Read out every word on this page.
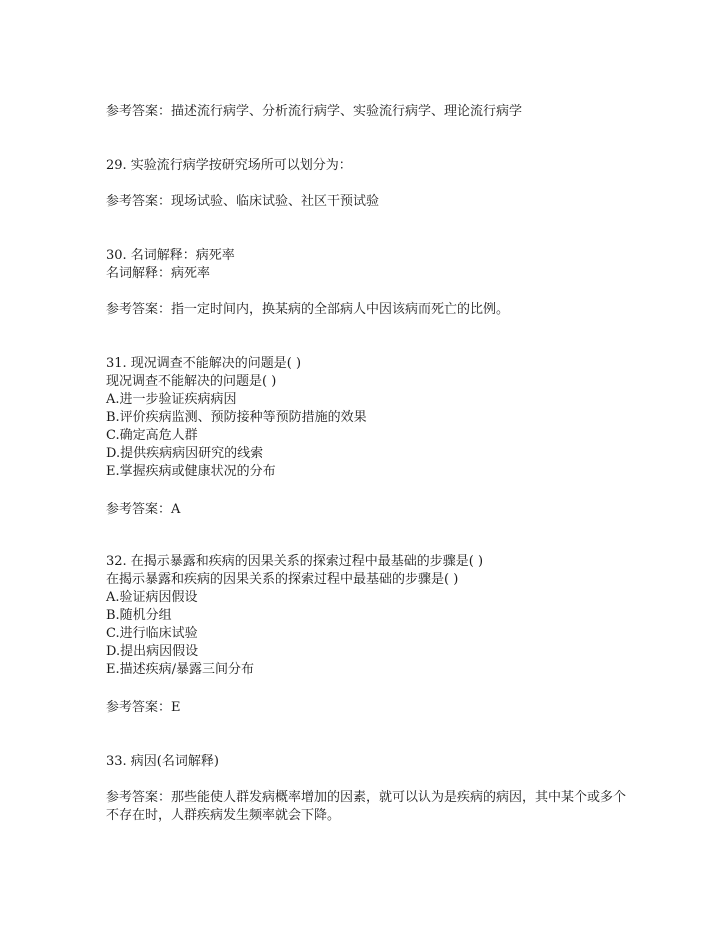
参考答案：描述流行病学、分析流行病学、实验流行病学、理论流行病学
29. 实验流行病学按研究场所可以划分为：
参考答案：现场试验、临床试验、社区干预试验
30. 名词解释：病死率
名词解释：病死率
参考答案：指一定时间内，换某病的全部病人中因该病而死亡的比例。
31. 现况调查不能解决的问题是( )
现况调查不能解决的问题是( )
A.进一步验证疾病病因
B.评价疾病监测、预防接种等预防措施的效果
C.确定高危人群
D.提供疾病病因研究的线索
E.掌握疾病或健康状况的分布
参考答案：A
32. 在揭示暴露和疾病的因果关系的探索过程中最基础的步骤是( )
在揭示暴露和疾病的因果关系的探索过程中最基础的步骤是( )
A.验证病因假设
B.随机分组
C.进行临床试验
D.提出病因假设
E.描述疾病/暴露三间分布
参考答案：E
33. 病因(名词解释)
参考答案：那些能使人群发病概率增加的因素，就可以认为是疾病的病因，其中某个或多个不存在时，人群疾病发生频率就会下降。
